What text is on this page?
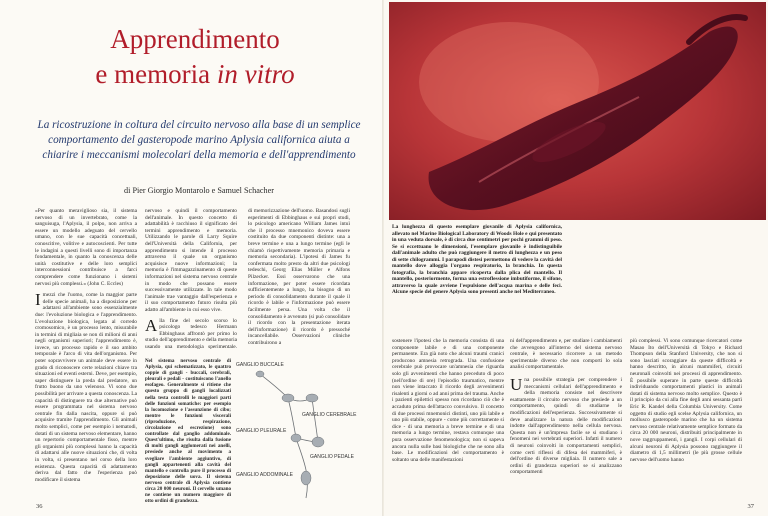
Apprendimento
e memoria in vitro
La ricostruzione in coltura del circuito nervoso alla base di un semplice comportamento del gasteropode marino Aplysia californica aiuta a chiarire i meccanismi molecolari della memoria e dell'apprendimento
di Pier Giorgio Montarolo e Samuel Schacher

«Per quanto meraviglioso sia, il sistema nervoso di un invertebrato, come la sanguisuga, l'Aplysia, il polpo, non arriva a essere un modello adeguato del cervello umano, con le sue capacità concettuali, conoscitive, volitive e autocoscienti. Per tutte le indagini a questi livelli sono di importanza fondamentale, in quanto la conoscenza delle unità costitutive e delle loro semplici interconnessioni contribuisce a farci comprendere come funzionano i sistemi nervosi più complessi.» (John C. Eccles)

Imezzi che l'uomo, come la maggior parte delle specie animali, ha a disposizione per adattarsi all'ambiente sono essenzialmente due: l'evoluzione biologica e l'apprendimento. L'evoluzione biologica, legata al corredo cromosomico, è un processo lento, misurabile in termini di migliaia se non di milioni di anni negli organismi superiori; l'apprendimento è, invece, un processo rapido e il suo ambito temporale è l'arco di vita dell'organismo. Per poter sopravvivere un animale deve essere in grado di riconoscere certe relazioni chiave tra situazioni ed eventi esterni. Deve, per esempio, saper distinguere la preda dal predatore, un frutto buono da uno velenoso. Vi sono due possibilità per arrivare a questa conoscenza. La capacità di distinguere tra due alternative può essere programmata nel sistema nervoso centrale fin dalla nascita, oppure si può acquisire tramite l'apprendimento. Gli animali molto semplici, come per esempio i nematodi, dotati di un sistema nervoso elementare, hanno un repertorio comportamentale fisso, mentre gli organismi più complessi hanno la capacità di adattarsi alle nuove situazioni che, di volta in volta, si presentano nel corso della loro esistenza. Questa capacità di adattamento deriva dal fatto che l'esperienza può modificare il sistema

nervoso e quindi il comportamento dell'animale. In questo concetto di adattabilità è racchiuso il significato dei termini apprendimento e memoria. Utilizzando le parole di Larry Squire dell'Università della California, per apprendimento si intende il processo attraverso il quale un organismo acquisisce nuove informazioni; la memoria è l'immagazzinamento di queste informazioni nel sistema nervoso centrale in modo che possano essere successivamente utilizzate. In tale modo l'animale trae vantaggio dall'esperienza e il suo comportamento futuro risulta più adatto all'ambiente in cui esso vive.

Alla fine del secolo scorso lo psicologo tedesco Hermann Ebbinghaus affrontò per primo lo studio dell'apprendimento e della memoria usando una metodologia sperimentale.

Nel sistema nervoso centrale di Aplysia, qui schematizzato, le quattro coppie di gangli - buccali, cerebrali, pleurali e pedali - costituiscono l'anello esofageo. Generalmente si ritiene che questo gruppo di gangli localizzati nella testa controlli le maggiori parti delle funzioni somatiche: per esempio la locomozione e l'assunzione di cibo; mentre le funzioni viscerali (riproduzione, respirazione, circolazione ed escrezione) sono controllate dal ganglio addominale. Quest'ultimo, che risulta dalla fusione di molti gangli agglomerati nei anelli, presiede anche al movimento a svegliare l'ambiente aggiuntivo, di gangli appartenenti alla cavità del mantello e controlla pure il processo di deposizione delle uova. Il sistema nervoso centrale di Aplysia contiene circa 20 000 neuroni. Il cervello umano ne contiene un numero maggiore di otto ordini di grandezza.
di memorizzazione dell'uomo. Basandosi sugli esperimenti di Ebbinghaus e sui propri studi, lo psicologo americano William James intuì che il processo mnemonico doveva essere costituito da due componenti distinte: una a breve termine e una a lungo termine (egli le chiamò rispettivamente memoria primaria e memoria secondaria). L'ipotesi di James fu confermata molto presto da altri due psicologi tedeschi, Georg Elias Müller e Alfons Pilzecker. Essi osservarono che una informazione, per poter essere ricordata sufficientemente a lungo, ha bisogno di un periodo di consolidamento durante il quale il ricordo è labile e l'informazione può essere facilmente persa. Una volta che il consolidamento è avvenuto (si può consolidare il ricordo con la presentazione iterata dell'informazione) il ricordo è pressoché incancellabile. Osservazioni cliniche contribuirono a
GANGLIO BUCCALE
GANGLIO CEREBRALE
GANGLIO PLEURALE
GANGLIO PEDALE
GANGLIO ADDOMINALE
36
La lunghezza di questo esemplare giovanile di Aplysia californica, allevato nel Marine Biological Laboratory di Woods Hole e qui presentato in una veduta dorsale, è di circa due centimetri per pochi grammi di peso. Se si eccettuano le dimensioni, l'esemplare giovanile è indistinguibile dall'animale adulto che può raggiungere il metro di lunghezza e un peso di sette chilogrammi. I parapodi distesi permettono di vedere la cavità del mantello dove alloggia l'organo respiratorio, la branchia. In questa fotografia, la branchia appare ricoperta dalla plica del mantello. Il mantello, posteriormente, forma una estroflessione imbutiforme, il sifone, attraverso la quale avviene l'espulsione dell'acqua marina e delle feci. Alcune specie del genere Aplysia sono presenti anche nel Mediterraneo.
sostenere l'ipotesi che la memoria consista di una componente labile e di una componente permanente. Era già noto che alcuni traumi cranici producono amnesia retrograda. Una confusione cerebrale può provocare un'amnesia che riguarda solo gli avvenimenti che hanno preceduto di poco (nell'ordine di ore) l'episodio traumatico, mentre non viene intaccato il ricordo degli avvenimenti risalenti a giorni o ad anni prima del trauma. Anche i pazienti epilettici spesso non ricordano ciò che è accaduto prima dell'attacco convulsivo. Il concetto di due processi mnemonici distinti, uno più labile e uno più stabile, oppure - come più correttamente si dice - di una memoria a breve termine e di una memoria a lungo termine, restava comunque una pura osservazione fenomenologica; non si sapeva ancora nulla sulle basi biologiche che ne sono alla base. Le modificazioni del comportamento è soltanto una delle manifestazioni

ni dell'apprendimento e, per studiare i cambiamenti che avvengono all'interno del sistema nervoso centrale, è necessario ricorrere a un metodo sperimentale diverso che non comporti lo sola analisi comportamentale.

Una possibile strategia per comprendere i meccanismi cellulari dell'apprendimento e della memoria consiste nel descrivere esattamente il circuito nervoso che presiede a un comportamento, quindi di studiarne le modificazioni dell'esperienza. Successivamente si deve analizzare la natura delle modificazioni indotte dall'apprendimento nella cellula nervosa. Questa non è un'impresa facile se si studiano i fenomeni nei vertebrati superiori. Infatti il numero di neuroni coinvolti in comportamenti semplici, come certi riflessi di difesa dei mammiferi, è dell'ordine di diverse migliaia. Il numero sale a ordini di grandezza superiori se si analizzano comportamenti

più complessi. Vi sono comunque ricercatori come Masao Ito dell'Università di Tokyo e Richard Thompson della Stanford University, che non si sono lasciati scoraggiare da queste difficoltà e hanno descritto, in alcuni mammiferi, circuiti neuronali coinvolti nei processi di apprendimento. È possibile superare in parte queste difficoltà individuando comportamenti plastici in animali dotati di sistema nervoso molto semplice. Questo è il principio da cui alla fine degli anni sessanta partì Eric R. Kandel della Columbia University. Come oggetto di studio egli scelse Aplysia californica, un mollusco gasteropode marino che ha un sistema nervoso centrale relativamente semplice formato da circa 20 000 neuroni, distribuiti principalmente in nove raggruppamenti, i gangli. I corpi cellulari di alcuni neuroni di Aplysia possono raggiungere il diametro di 1,5 millimetri (le più grosse cellule nervose dell'uomo hanno
37
